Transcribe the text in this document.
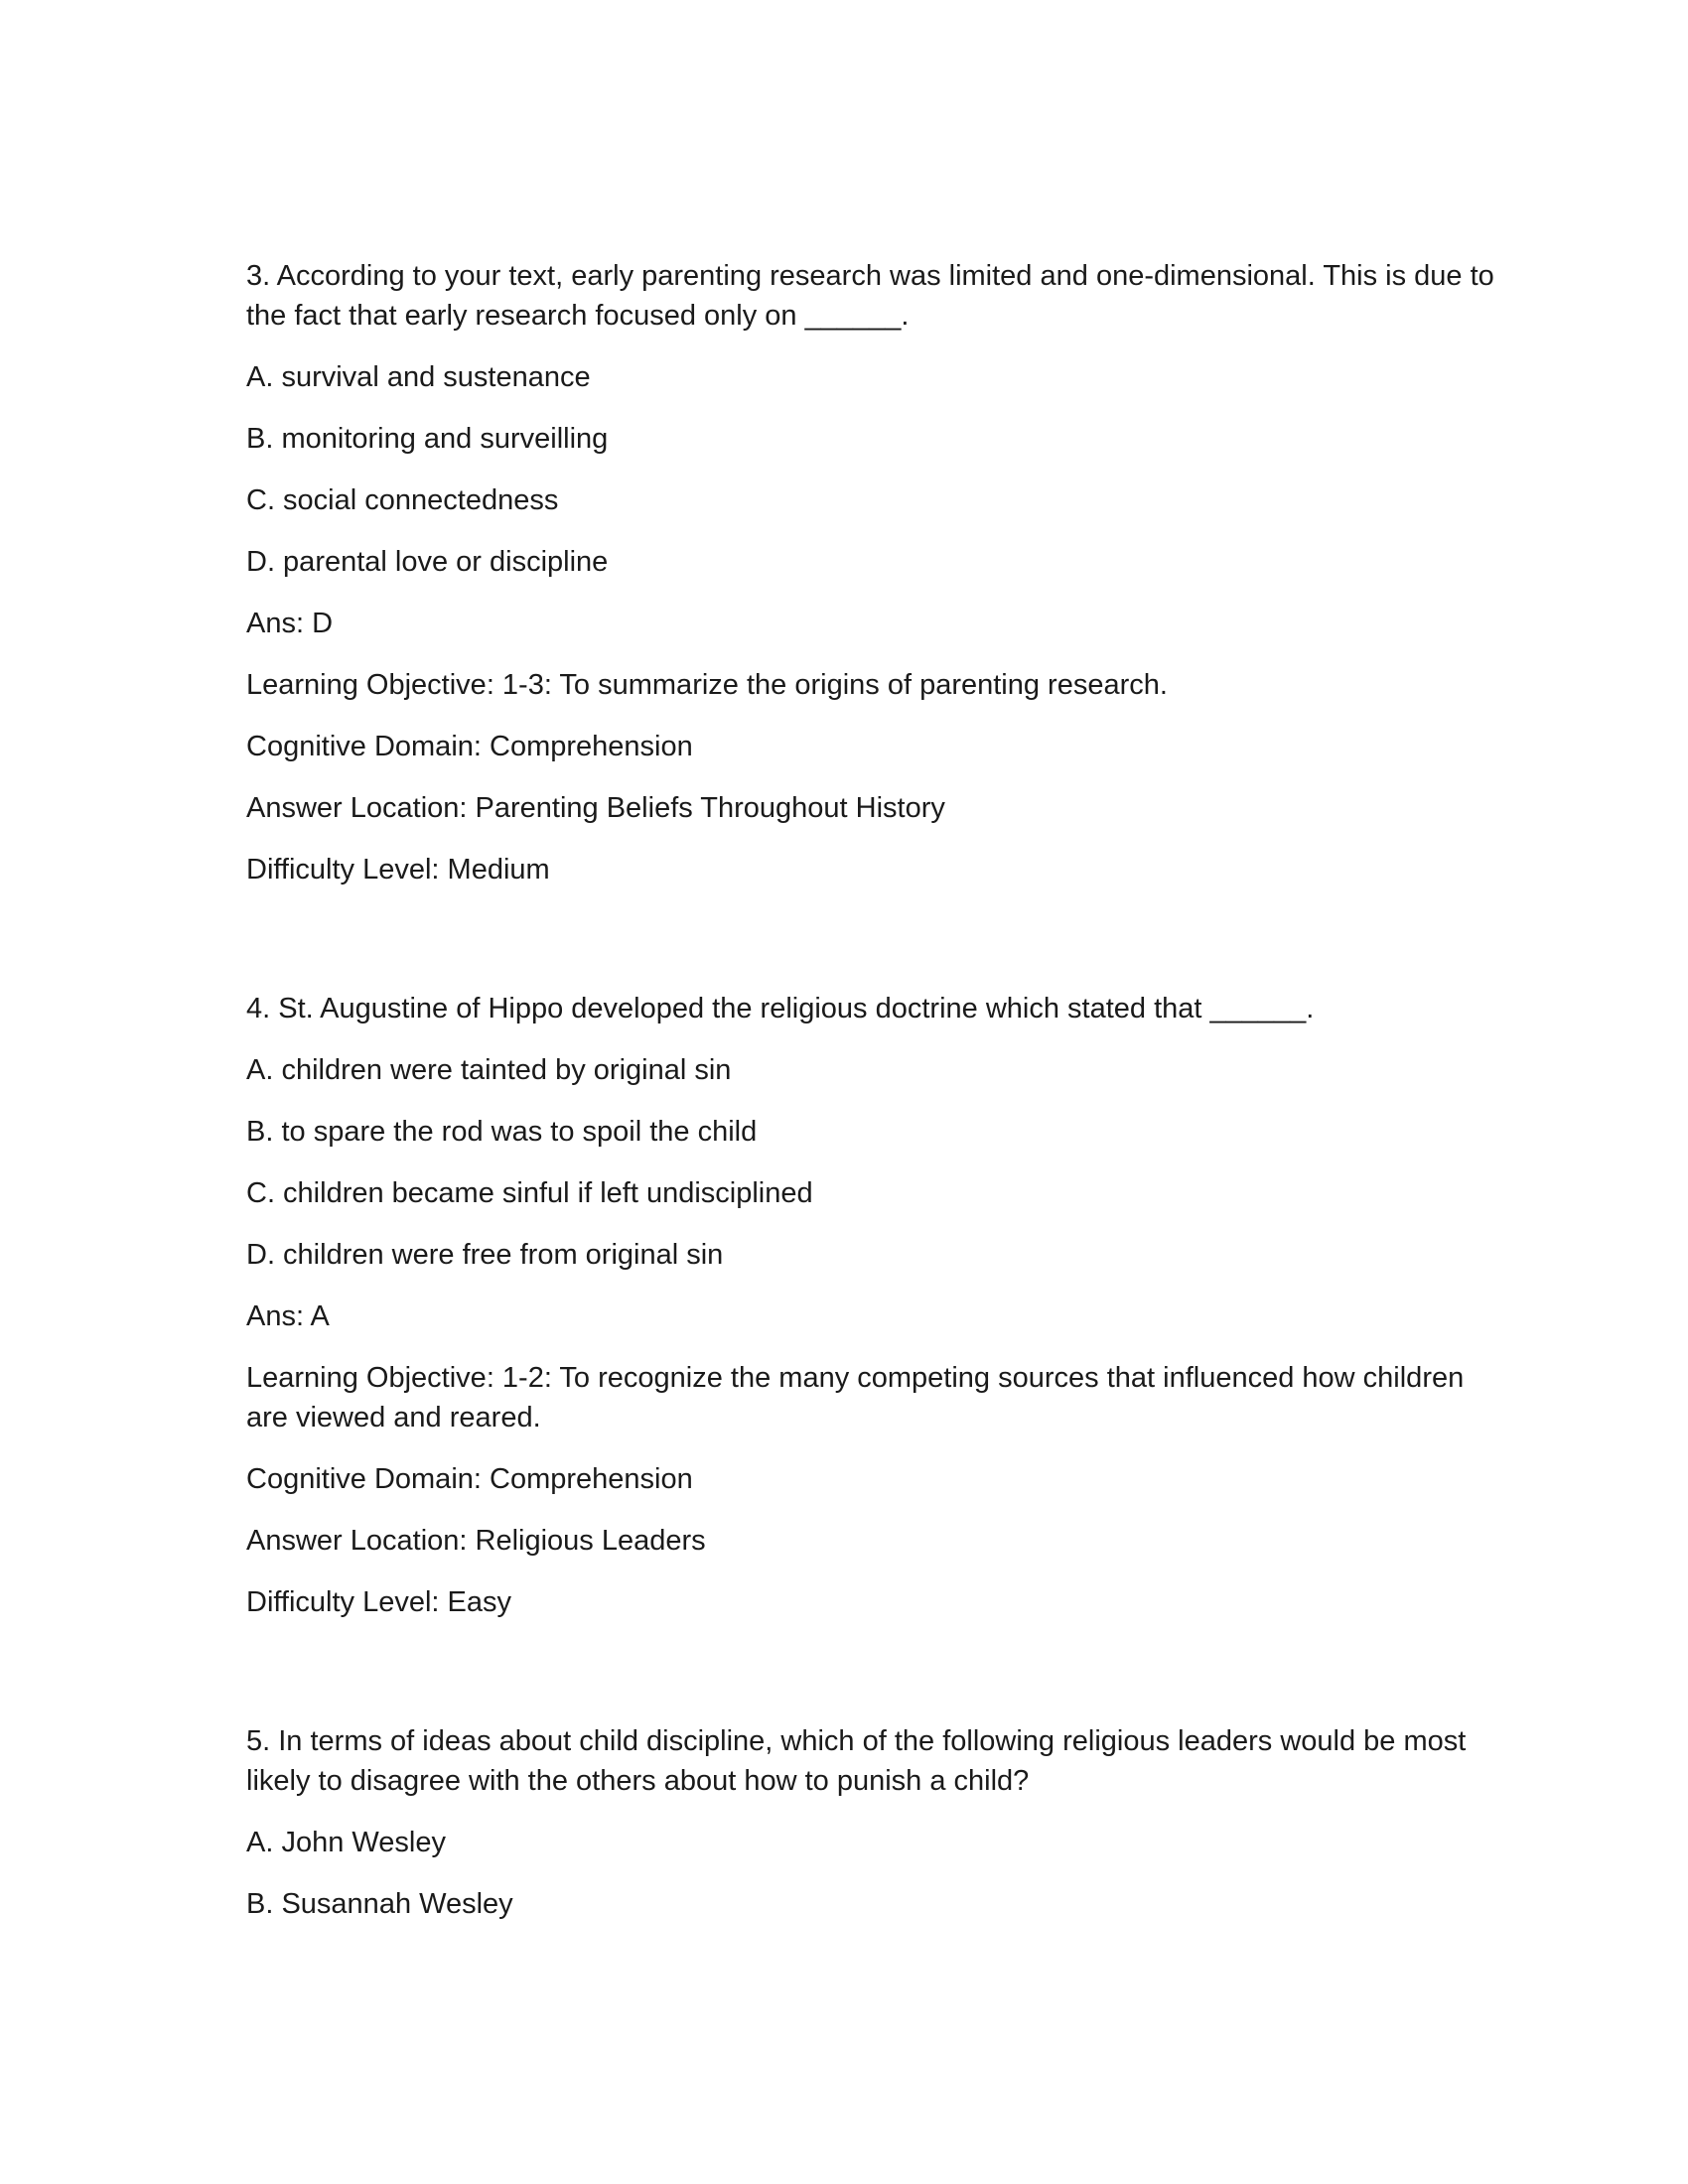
3. According to your text, early parenting research was limited and one-dimensional. This is due to the fact that early research focused only on ______.

A. survival and sustenance

B. monitoring and surveilling

C. social connectedness

D. parental love or discipline

Ans: D

Learning Objective: 1-3: To summarize the origins of parenting research.

Cognitive Domain: Comprehension

Answer Location: Parenting Beliefs Throughout History

Difficulty Level: Medium

4. St. Augustine of Hippo developed the religious doctrine which stated that ______.

A. children were tainted by original sin

B. to spare the rod was to spoil the child

C. children became sinful if left undisciplined

D. children were free from original sin

Ans: A

Learning Objective: 1-2: To recognize the many competing sources that influenced how children are viewed and reared.

Cognitive Domain: Comprehension

Answer Location: Religious Leaders

Difficulty Level: Easy

5. In terms of ideas about child discipline, which of the following religious leaders would be most likely to disagree with the others about how to punish a child?

A. John Wesley

B. Susannah Wesley
